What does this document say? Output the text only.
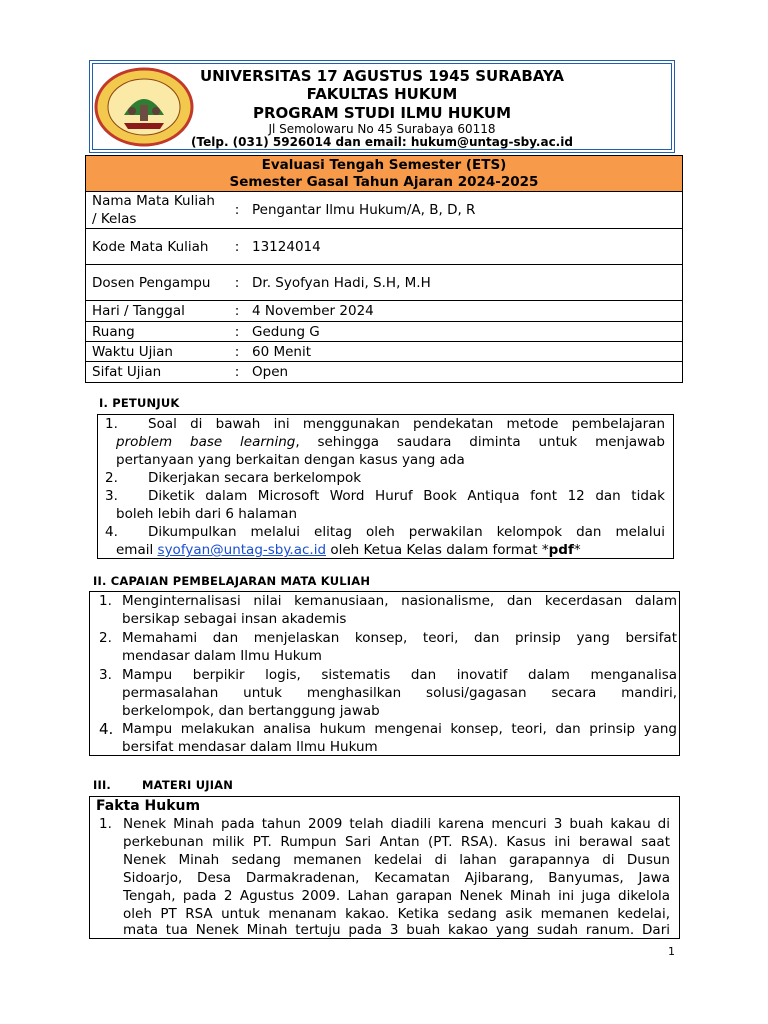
UNIVERSITAS 17 AGUSTUS 1945 SURABAYA
FAKULTAS HUKUM
PROGRAM STUDI ILMU HUKUM
Jl Semolowaru No 45 Surabaya 60118
(Telp. (031) 5926014 dan email: hukum@untag-sby.ac.id
Evaluasi Tengah Semester (ETS)
Semester Gasal Tahun Ajaran 2024-2025		

Nama Mata Kuliah / Kelas	:	Pengantar Ilmu Hukum/A, B, D, R
Kode Mata Kuliah	:	13124014
Dosen Pengampu	:	Dr. Syofyan Hadi, S.H, M.H
Hari / Tanggal	:	4 November 2024
Ruang	:	Gedung G
Waktu Ujian	:	60 Menit
Sifat Ujian	:	Open
I. PETUNJUK
1. Soal di bawah ini menggunakan pendekatan metode pembelajaran
problem base learning, sehingga saudara diminta untuk menjawab
pertanyaan yang berkaitan dengan kasus yang ada
2. Dikerjakan secara berkelompok
3. Diketik dalam Microsoft Word Huruf Book Antiqua font 12 dan tidak
boleh lebih dari 6 halaman
4. Dikumpulkan melalui elitag oleh perwakilan kelompok dan melalui
email syofyan@untag-sby.ac.id oleh Ketua Kelas dalam format *pdf*
II. CAPAIAN PEMBELAJARAN MATA KULIAH
1. Menginternalisasi nilai kemanusiaan, nasionalisme, dan kecerdasan dalam
bersikap sebagai insan akademis
2. Memahami dan menjelaskan konsep, teori, dan prinsip yang bersifat
mendasar dalam Ilmu Hukum
3. Mampu berpikir logis, sistematis dan inovatif dalam menganalisa
permasalahan untuk menghasilkan solusi/gagasan secara mandiri,
berkelompok, dan bertanggung jawab
4. Mampu melakukan analisa hukum mengenai konsep, teori, dan prinsip yang
bersifat mendasar dalam Ilmu Hukum
III.	MATERI UJIAN
Fakta Hukum
1. Nenek Minah pada tahun 2009 telah diadili karena mencuri 3 buah kakau di
perkebunan milik PT. Rumpun Sari Antan (PT. RSA). Kasus ini berawal saat
Nenek Minah sedang memanen kedelai di lahan garapannya di Dusun
Sidoarjo, Desa Darmakradenan, Kecamatan Ajibarang, Banyumas, Jawa
Tengah, pada 2 Agustus 2009. Lahan garapan Nenek Minah ini juga dikelola
oleh PT RSA untuk menanam kakao. Ketika sedang asik memanen kedelai,
mata tua Nenek Minah tertuju pada 3 buah kakao yang sudah ranum. Dari
1
